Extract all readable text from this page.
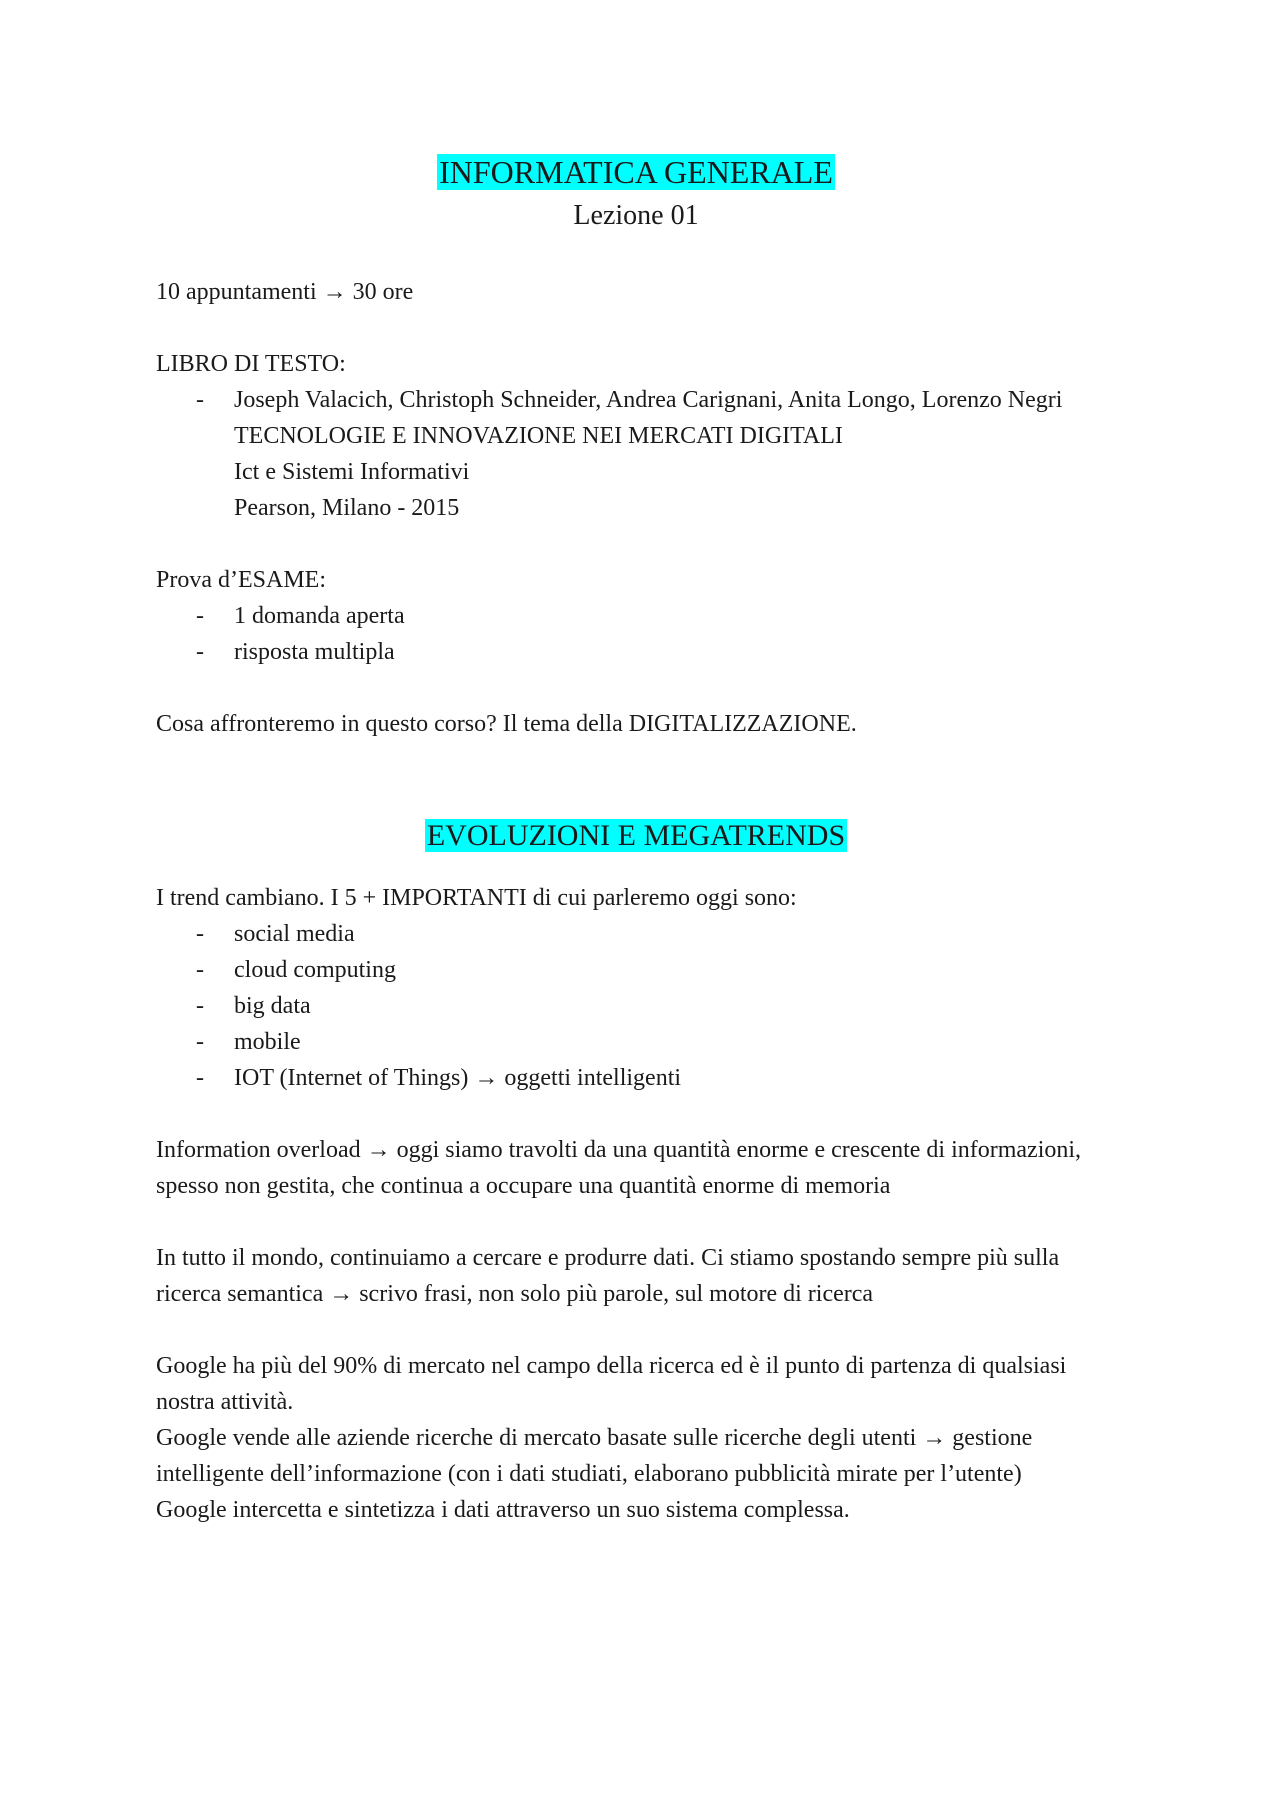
INFORMATICA GENERALE

Lezione 01

10 appuntamenti → 30 ore

LIBRO DI TESTO:

- Joseph Valacich, Christoph Schneider, Andrea Carignani, Anita Longo, Lorenzo Negri
TECNOLOGIE E INNOVAZIONE NEI MERCATI DIGITALI
Ict e Sistemi Informativi
Pearson, Milano - 2015

Prova d’ESAME:

- 1 domanda aperta
- risposta multipla

Cosa affronteremo in questo corso? Il tema della DIGITALIZZAZIONE.

EVOLUZIONI E MEGATRENDS

I trend cambiano. I 5 + IMPORTANTI di cui parleremo oggi sono:

- social media
- cloud computing
- big data
- mobile
- IOT (Internet of Things) → oggetti intelligenti

Information overload → oggi siamo travolti da una quantità enorme e crescente di informazioni, spesso non gestita, che continua a occupare una quantità enorme di memoria

In tutto il mondo, continuiamo a cercare e produrre dati. Ci stiamo spostando sempre più sulla ricerca semantica → scrivo frasi, non solo più parole, sul motore di ricerca

Google ha più del 90% di mercato nel campo della ricerca ed è il punto di partenza di qualsiasi nostra attività.

Google vende alle aziende ricerche di mercato basate sulle ricerche degli utenti → gestione intelligente dell’informazione (con i dati studiati, elaborano pubblicità mirate per l’utente)

Google intercetta e sintetizza i dati attraverso un suo sistema complessa.
